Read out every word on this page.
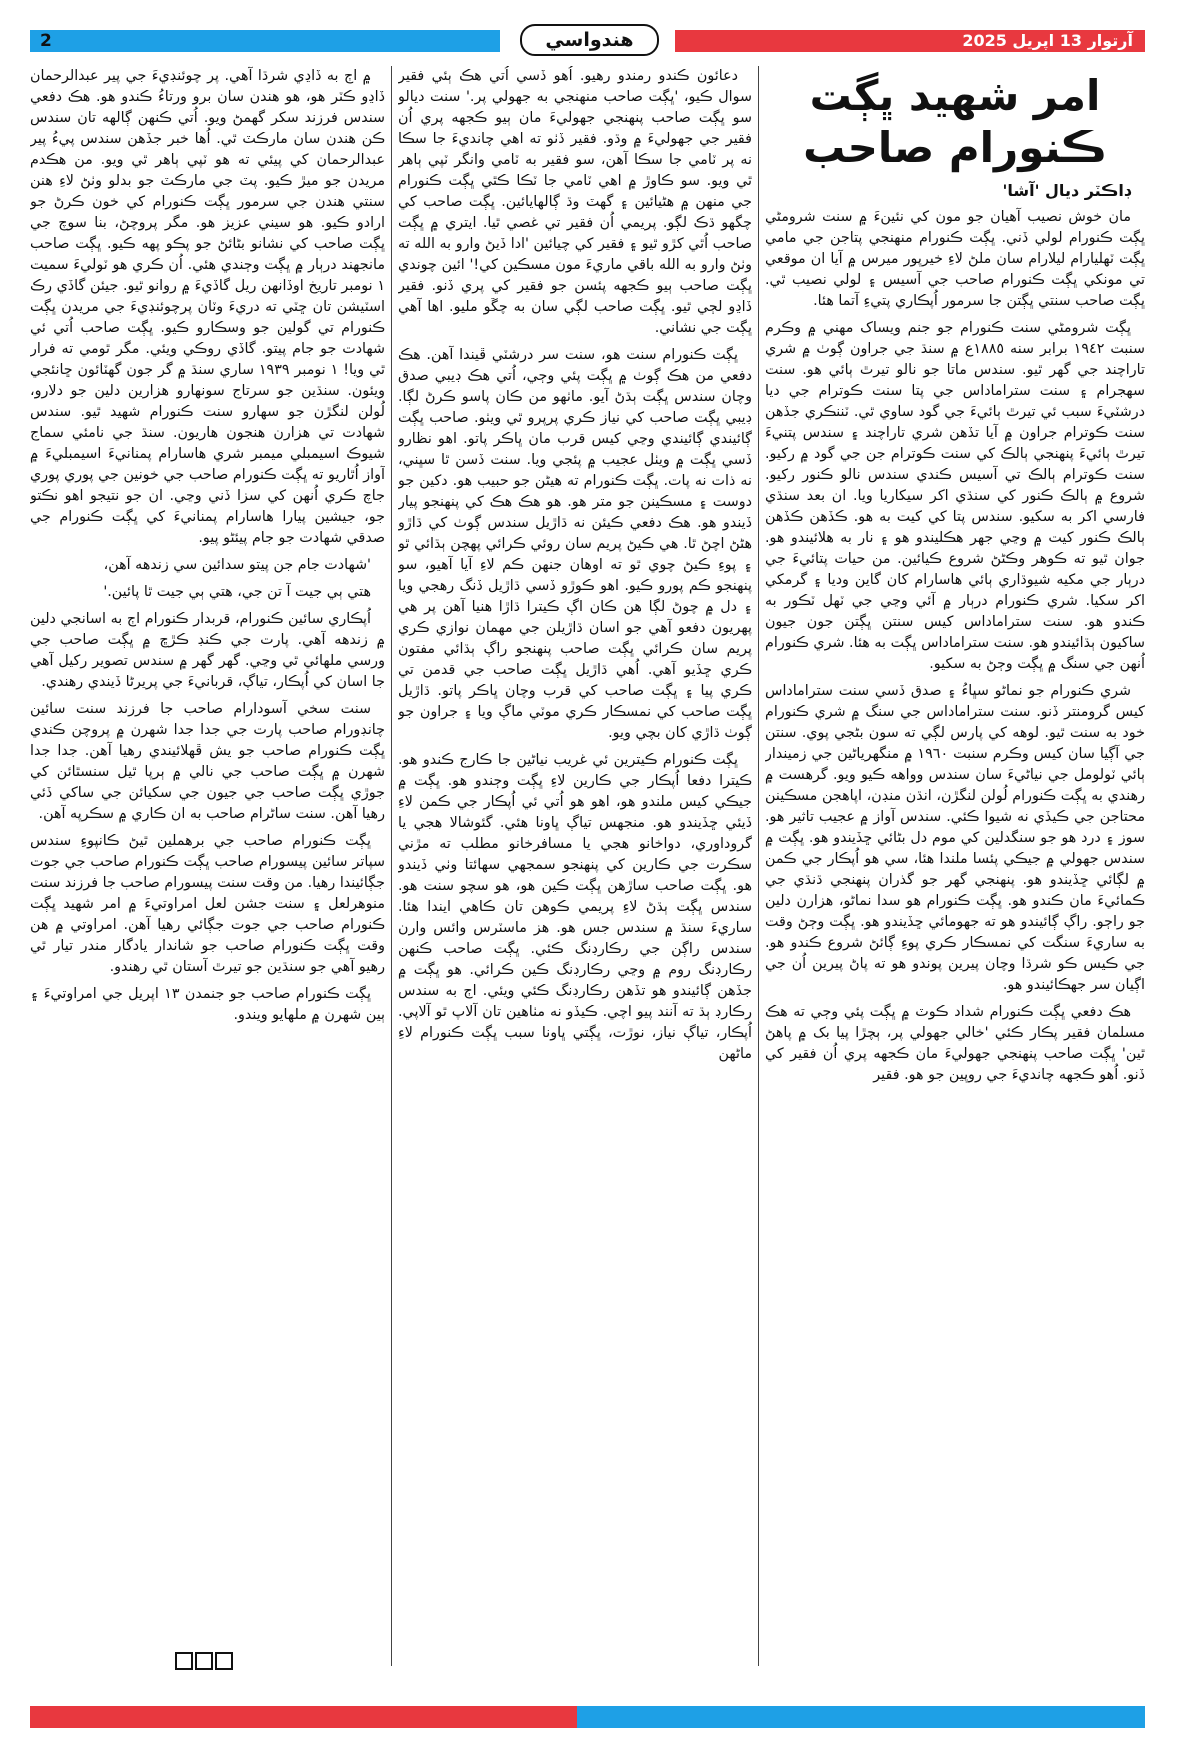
2	آرتوار 13 اپريل 2025
هندواسي
امر شهيد ڀڳت
ڪنورام صاحب

ڊاڪٽر ديال 'آشا'

مان خوش نصيب آهيان جو مون کي نئينءَ ۾ سنت شرومڻي ڀڳت ڪنورام لولي ڏني. ڀڳت ڪنورام منهنجي پتاجن جي مامي ڀڳت ٽهليارام ليلارام سان ملڻ لاءِ خيرپور ميرس ۾ آيا ان موقعي تي مونکي ڀڳت ڪنورام صاحب جي آسيس ۽ لولي نصيب ٿي. ڀڳت صاحب سنتي ڀڳتن جا سرمور اُپڪاري پتيءِ آتما هئا.

ڀڳت شرومڻي سنت ڪنورام جو جنم ويساک مهني ۾ وڪرم سنبت ١٩٤٢ برابر سنه ١٨٨٥ع ۾ سنڌ جي جراون ڳوٺ ۾ شري تاراچند جي گهر ٿيو. سندس ماتا جو نالو تيرٿ ٻائي هو. سنت سهجرام ۽ سنت ستراماداس جي پتا سنت ڪوترام جي ديا درشٽيءَ سبب ئي تيرٿ ٻائيءَ جي گود ساوي ٿي. ٽننڪري جڏهن سنت ڪوترام جراون ۾ آيا تڏهن شري تاراچند ۽ سندس پتنيءَ تيرٿ ٻائيءَ پنهنجي ٻالڪ کي سنت ڪوترام جن جي گود ۾ رکيو. سنت ڪوترام ٻالڪ تي آسيس ڪندي سندس نالو ڪنور رکيو. شروع ۾ ٻالڪ ڪنور کي سنڌي اکر سيکاريا ويا. ان بعد سنڌي فارسي اکر به سکيو. سندس پتا کي کيت به هو. ڪڏهن ڪڏهن ٻالڪ ڪنور کيت ۾ وڃي جهر هڪليندو هو ۽ نار به هلائيندو هو. جوان ٿيو ته ڪوهر وڪڻڻ شروع ڪيائين. من حيات پتائيءَ جي درٻار جي مکيه شيوڌاري ٻائي هاسارام کان گاين وديا ۽ گرمکي اکر سکيا. شري ڪنورام درٻار ۾ آئي وڃي جي ٽهل ٽڪور به ڪندو هو. سنت ستراماداس کيس سنتن ڀڳتن جون جيون ساکيون ٻڌائيندو هو. سنت ستراماداس ڀڳت به هئا. شري ڪنورام اُنهن جي سنگ ۾ ڀڳت وڄڻ به سکيو.

شري ڪنورام جو نماڻو سڀاءُ ۽ صدق ڏسي سنت ستراماداس کيس گرومنتر ڏنو. سنت ستراماداس جي سنگ ۾ شري ڪنورام خود به سنت ٿيو. لوهه کي پارس لڳي ته سون بڻجي پوي. سنتن جي آڳيا سان کيس وڪرم سنبت ١٩٦٠ ۾ منگهرياڻين جي زميندار ٻائي ٽولومل جي نياڻيءَ سان سندس وواهه ڪيو ويو. گرهست ۾ رهندي به ڀڳت ڪنورام لُولن لنگڙن، انڌن منڊن، اپاهجن مسڪينن محتاجن جي ڪيڏي نه شيوا ڪئي. سندس آواز ۾ عجيب تاثير هو. سوز ۽ درد هو جو سنگدلين کي موم دل بڻائي ڇڏيندو هو. ڀڳت ۾ سندس جهولي ۾ جيڪي پئسا ملندا هئا، سي هو اُپڪار جي ڪمن ۾ لڳائي ڇڏيندو هو. پنهنجي گهر جو گذران پنهنجي ڌنڌي جي ڪمائيءَ مان ڪندو هو. ڀڳت ڪنورام هو سدا نماڻو، هزارن دلين جو راڄو. راڳ ڳائيندو هو ته جهومائي ڇڏيندو هو. ڀڳت وڄڻ وقت به ساريءَ سنگت کي نمسڪار ڪري پوءِ ڳائڻ شروع ڪندو هو. جي ڪيس ڪو شرڌا وچان پيرين پوندو هو ته پاڻ پيرين اُن جي اڳيان سر جهڪائيندو هو.

هڪ دفعي ڀڳت ڪنورام شداد ڪوٽ ۾ ڀڳت پئي وڄي ته هڪ مسلمان فقير پڪار ڪئي 'خالي جهولي پر، ٻچڙا پيا بک ۾ پاهڻ ٿين' ڀڳت صاحب پنهنجي جهوليءَ مان ڪجهه پري اُن فقير کي ڏنو. اُهو ڪجهه چانديءَ جي روپين جو هو. فقير

دعائون ڪندو رمندو رهيو. اُهو ڏسي اُتي هڪ ٻئي فقير سوال ڪيو، 'ڀڳت صاحب منهنجي به جهولي پر.' سنت ديالو سو ڀڳت صاحب پنهنجي جهوليءَ مان ٻيو ڪجهه پري اُن فقير جي جهوليءَ ۾ وڌو. فقير ڏٺو ته اهي چانديءَ جا سڪا نه پر ٽامي جا سڪا آهن، سو فقير به ٽامي وانگر ٽپي ٻاهر ٿي ويو. سو ڪاوڙ ۾ اهي ٽامي جا ٽڪا ڪٿي ڀڳت ڪنورام جي منهن ۾ هڻيائين ۽ گهٽ وڌ ڳالهايائين. ڀڳت صاحب کي چگهو ڌڪ لڳو. پريمي اُن فقير تي غصي ٿيا. ايتري ۾ ڀڳت صاحب اُٿي کڙو ٿيو ۽ فقير کي چيائين 'ادا ڏيڻ وارو به الله ته وٺڻ وارو به الله باقي ماريءَ مون مسڪين کي!' ائين چوندي ڀڳت صاحب ٻيو ڪجهه پئسن جو فقير کي پري ڏنو. فقير ڏاڍو لڄي ٿيو. ڀڳت صاحب لڳي سان به چڱو مليو. اها آهي ڀڳت جي نشاني.

ڀڳت ڪنورام سنت هو، سنت سر درشٽي ڦيندا آهن. هڪ دفعي من هڪ ڳوٺ ۾ ڀڳت پئي وڄي، اُتي هڪ ڊيبي صدق وچان سندس ڀڳت ٻڌڻ آيو. ماٺهو من ڪان پاسو ڪرڻ لڳا. ڊيبي ڀڳت صاحب کي نياز ڪري پرپرو ٿي ويٺو. صاحب ڀڳت ڳائيندي ڳائيندي وڃي کيس قرب مان ڀاڪر پاتو. اهو نظارو ڏسي ڀڳت ۾ ويٺل عجيب ۾ پئجي ويا. سنت ڏسن ٿا سڀني، نه ذات نه پات. ڀڳت ڪنورام ته هيڻن جو حبيب هو. دکين جو دوست ۽ مسڪينن جو متر هو. هو هڪ هڪ کي پنهنجو پيار ڏيندو هو. هڪ دفعي ڪيئن نه ڌاڙيل سندس ڳوٺ کي ڌاڙو هڻڻ اچڻ ٿا. هي ڪيڻ پريم سان روئي ڪرائي پهچن ٻڌائي ٿو ۽ پوءِ ڪيڻ چوي ٿو ته اوهان جنهن ڪم لاءِ آيا آهيو، سو پنهنجو ڪم پورو ڪيو. اهو ڪوڙو ڏسي ڌاڙيل ڏنگ رهجي ويا ۽ دل ۾ چوڻ لڳا هن ڪان اڳ ڪيترا ڌاڙا هنيا آهن پر هي پهريون دفعو آهي جو اسان ڌاڙيلن جي مهمان نوازي ڪري پريم سان ڪرائي ڀڳت صاحب پنهنجو راڳ ٻڌائي مفتون ڪري ڇڏيو آهي. اُهي ڌاڙيل ڀڳت صاحب جي قدمن تي ڪري پيا ۽ ڀڳت صاحب کي قرب وچان ڀاڪر پاتو. ڌاڙيل ڀڳت صاحب کي نمسڪار ڪري موٽي ماڳ ويا ۽ جراون جو ڳوٺ ڌاڙي کان بچي ويو.

ڀڳت ڪنورام ڪيترين ئي غريب نياڻين جا ڪارج ڪندو هو. ڪيترا دفعا اُپڪار جي ڪارين لاءِ ڀڳت وڄندو هو. ڀڳت ۾ جيڪي کيس ملندو هو، اهو هو اُتي ئي اُپڪار جي ڪمن لاءِ ڏيئي ڇڏيندو هو. منجهس تياڳ ڀاونا هئي. گئوشالا هجي يا گروداوري، دواخانو هجي يا مسافرخانو مطلب ته مڙني سڪرت جي ڪارين کي پنهنجو سمجهي سهائتا وٺي ڏيندو هو. ڀڳت صاحب ساڙهن ڀڳت ڪين هو، هو سچو سنت هو. سندس ڀڳت ٻڌڻ لاءِ پريمي ڪوهن تان ڪاهي ايندا هئا. ساريءَ سنڌ ۾ سندس جس هو. هز ماسٽرس وائس وارن سندس راڳن جي رڪارڊنگ ڪئي. ڀڳت صاحب ڪنهن رڪارڊنگ روم ۾ وڃي رڪارڊنگ ڪين ڪرائي. هو ڀڳت ۾ جڏهن ڳائيندو هو تڏهن رڪارڊنگ ڪئي ويئي. اڄ به سندس رڪارڊ ٻڌ ته آنند پيو اچي. ڪيڏو نه مٺاهين تان آلاپ ٿو آلاپي. اُپڪار، تياڳ نياز، نوڙت، ڀڳتي ڀاونا سبب ڀڳت ڪنورام لاءِ ماڻهن

۾ اڄ به ڏاڍي شرڌا آهي. پر چوئنڊيءَ جي پير عبدالرحمان ڏاڍو ڪٽر هو، هو هندن سان برو ورتاءُ ڪندو هو. هڪ دفعي سندس فرزند سکر گهمڻ ويو. اُتي ڪنهن ڳالهه تان سندس ڪن هندن سان مارڪٽ ٿي. اُها خبر جڏهن سندس پيءُ پير عبدالرحمان کي پيئي ته هو ٽپي ٻاهر ٿي ويو. من هڪدم مريدن جو ميڙ ڪيو. پٽ جي مارڪٽ جو بدلو وٺڻ لاءِ هنن سنتي هندن جي سرمور ڀڳت ڪنورام کي خون ڪرڻ جو ارادو ڪيو. هو سيني عزيز هو. مگر پروچڻ، بنا سوچ جي ڀڳت صاحب کي نشانو بڻائڻ جو پڪو پهه ڪيو. ڀڳت صاحب مانجهند درٻار ۾ ڀڳت وڄندي هئي. اُن ڪري هو ٽوليءَ سميت ١ نومبر تاريخ اوڏانهن ريل گاڏيءَ ۾ روانو ٿيو. جيئن گاڏي رڪ اسٽيشن تان ڇٽي ته دريءَ وٽان پرچوئنڊيءَ جي مريدن ڀڳت ڪنورام تي گولين جو وسڪارو ڪيو. ڀڳت صاحب اُتي ئي شهادت جو جام پيتو. گاڏي روڪي ويئي. مگر ٿومي ته فرار ٿي ويا! ١ نومبر ١٩٣٩ ساري سنڌ ۾ گر جون گهٽائون ڇانئجي ويئون. سنڌين جو سرتاج سونهارو هزارين دلين جو دلارو، لُولن لنگڙن جو سهارو سنت ڪنورام شهيد ٿيو. سندس شهادت تي هزارن هنجون هاريون. سنڌ جي نامئي سماج شيوڪ اسيمبلي ميمبر شري هاسارام پمنانيءَ اسيمبليءَ ۾ آواز اُٿاريو ته ڀڳت ڪنورام صاحب جي خونين جي پوري پوري جاچ ڪري اُنهن کي سزا ڏني وڃي. ان جو نتيجو اهو نڪتو جو، جيشين پيارا هاسارام پمنانيءَ کي ڀڳت ڪنورام جي صدقي شهادت جو جام پيئڻو پيو.

'شهادت جام جن پيتو سدائين سي زندهه آهن،

هتي ٻي جيت آ تن جي، هتي ٻي جيت ٿا پائين.'

اُپڪاري سائين ڪنورام، قربدار ڪنورام اڄ به اسانجي دلين ۾ زندهه آهي. پارت جي ڪنڊ ڪڙڇ ۾ ڀڳت صاحب جي ورسي ملهائي ٿي وڃي. گهر گهر ۾ سندس تصوير رکيل آهي جا اسان کي اُپڪار، تياڳ، قربانيءَ جي پريرڻا ڏيندي رهندي.

سنت سخي آسودارام صاحب جا فرزند سنت سائين چانڊورام صاحب پارت جي جدا جدا شهرن ۾ پروچن ڪندي ڀڳت ڪنورام صاحب جو يش ڦهلائيندي رهيا آهن. جدا جدا شهرن ۾ ڀڳت صاحب جي نالي ۾ ٻرپا ٿيل سنسٿائن کي جوڙي ڀڳت صاحب جي جيون جي سکيائن جي ساکي ڏئي رهيا آهن. سنت ساڻرام صاحب به ان ڪاري ۾ سڪرپه آهن.

ڀڳت ڪنورام صاحب جي برهملين ٿيڻ ڪانپوءِ سندس سپاتر سائين پيسورام صاحب ڀڳت ڪنورام صاحب جي جوت جڳائيندا رهيا. من وقت سنت پيسورام صاحب جا فرزند سنت منوهرلعل ۽ سنت جشن لعل امراوتيءَ ۾ امر شهيد ڀڳت ڪنورام صاحب جي جوت جڳائي رهيا آهن. امراوتي ۾ هن وقت ڀڳت ڪنورام صاحب جو شاندار يادگار مندر تيار ٿي رهيو آهي جو سنڌين جو تيرٿ آستان ٿي رهندو.

ڀڳت ڪنورام صاحب جو جنمدن ١٣ اپريل جي امراوتيءَ ۽ ٻين شهرن ۾ ملهايو ويندو.
